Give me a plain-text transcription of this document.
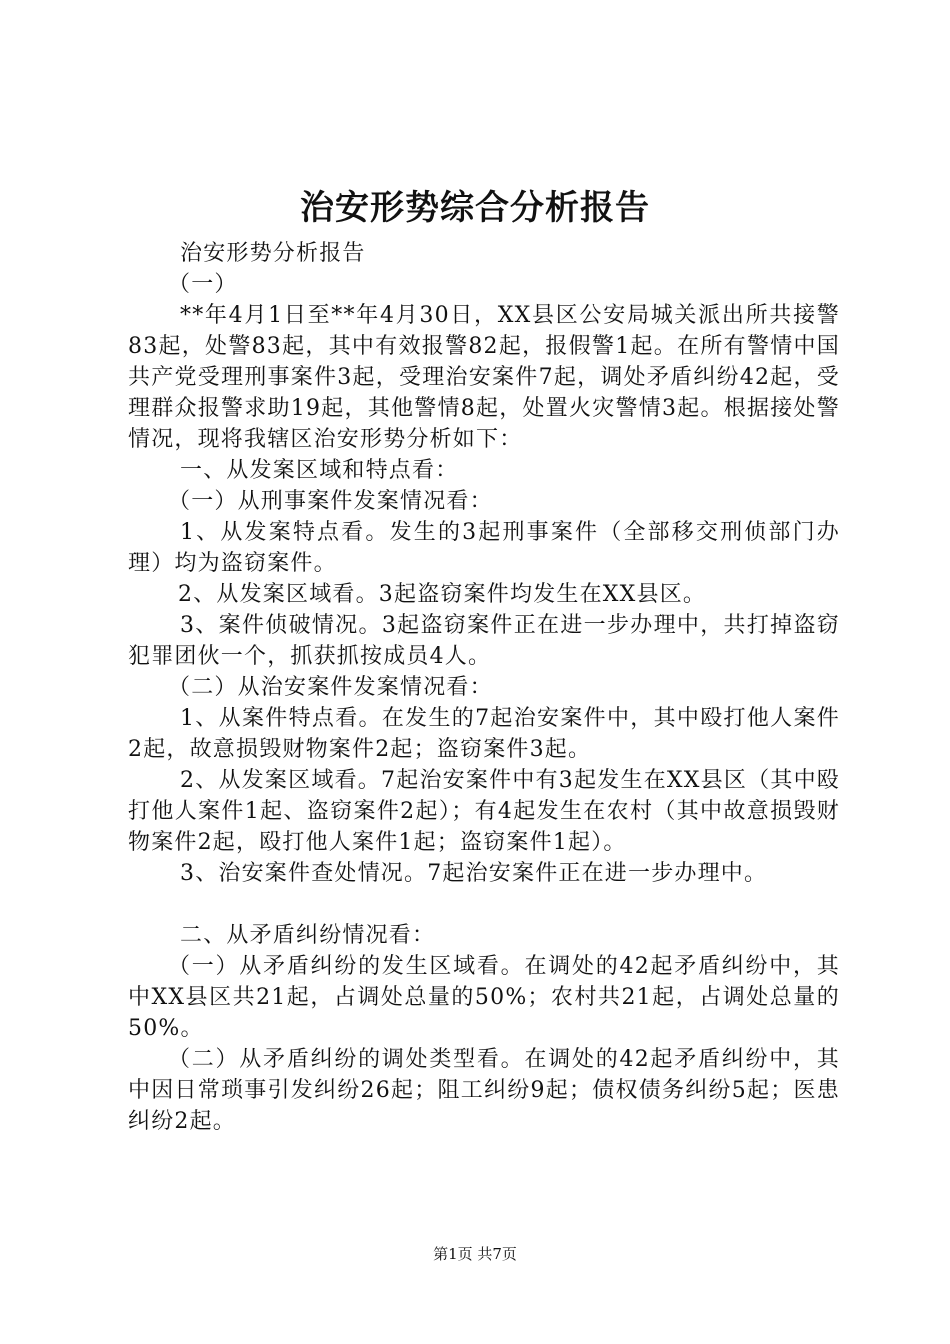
治安形势综合分析报告

治安形势分析报告

（一）

**年4月1日至**年4月30日，XX县区公安局城关派出所共接警83起，处警83起，其中有效报警82起，报假警1起。在所有警情中国共产党受理刑事案件3起，受理治安案件7起，调处矛盾纠纷42起，受理群众报警求助19起，其他警情8起，处置火灾警情3起。根据接处警情况，现将我辖区治安形势分析如下：

一、从发案区域和特点看：

（一）从刑事案件发案情况看：

1、从发案特点看。发生的3起刑事案件（全部移交刑侦部门办理）均为盗窃案件。

2、从发案区域看。3起盗窃案件均发生在XX县区。

3、案件侦破情况。3起盗窃案件正在进一步办理中，共打掉盗窃犯罪团伙一个，抓获抓按成员4人。

（二）从治安案件发案情况看：

1、从案件特点看。在发生的7起治安案件中，其中殴打他人案件2起，故意损毁财物案件2起；盗窃案件3起。

2、从发案区域看。7起治安案件中有3起发生在XX县区（其中殴打他人案件1起、盗窃案件2起）；有4起发生在农村（其中故意损毁财物案件2起，殴打他人案件1起；盗窃案件1起）。

3、治安案件查处情况。7起治安案件正在进一步办理中。

二、从矛盾纠纷情况看：

（一）从矛盾纠纷的发生区域看。在调处的42起矛盾纠纷中，其中XX县区共21起，占调处总量的50%；农村共21起，占调处总量的50%。

（二）从矛盾纠纷的调处类型看。在调处的42起矛盾纠纷中，其中因日常琐事引发纠纷26起；阻工纠纷9起；债权债务纠纷5起；医患纠纷2起。

第1页 共7页
